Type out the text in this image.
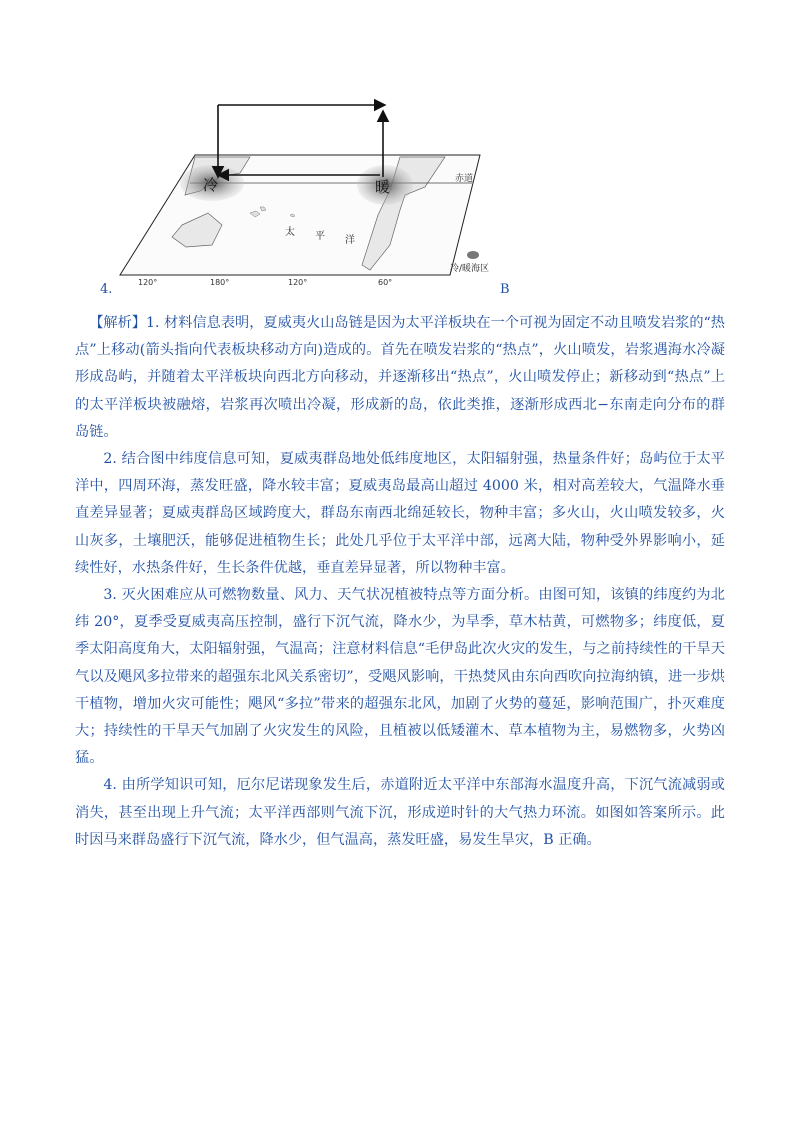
冷	暖	赤道
太 平 洋
120°	180°	120°	60°
冷/暖海区
4.	B

【解析】1. 材料信息表明，夏威夷火山岛链是因为太平洋板块在一个可视为固定不动且喷发岩浆的“热点”上移动(箭头指向代表板块移动方向)造成的。首先在喷发岩浆的“热点”，火山喷发，岩浆遇海水冷凝形成岛屿，并随着太平洋板块向西北方向移动，并逐渐移出“热点”，火山喷发停止；新移动到“热点”上的太平洋板块被融熔，岩浆再次喷出冷凝，形成新的岛，依此类推，逐渐形成西北−东南走向分布的群岛链。

2. 结合图中纬度信息可知，夏威夷群岛地处低纬度地区，太阳辐射强，热量条件好；岛屿位于太平洋中，四周环海，蒸发旺盛，降水较丰富；夏威夷岛最高山超过 4000 米，相对高差较大，气温降水垂直差异显著；夏威夷群岛区域跨度大，群岛东南西北绵延较长，物种丰富；多火山，火山喷发较多，火山灰多，土壤肥沃，能够促进植物生长；此处几乎位于太平洋中部，远离大陆，物种受外界影响小，延续性好，水热条件好，生长条件优越，垂直差异显著，所以物种丰富。

3. 灭火困难应从可燃物数量、风力、天气状况植被特点等方面分析。由图可知，该镇的纬度约为北纬 20°，夏季受夏威夷高压控制，盛行下沉气流，降水少，为旱季，草木枯黄，可燃物多；纬度低，夏季太阳高度角大，太阳辐射强，气温高；注意材料信息“毛伊岛此次火灾的发生，与之前持续性的干旱天气以及飓风多拉带来的超强东北风关系密切”，受飓风影响，干热焚风由东向西吹向拉海纳镇，进一步烘干植物，增加火灾可能性；飓风“多拉”带来的超强东北风，加剧了火势的蔓延，影响范围广，扑灭难度大；持续性的干旱天气加剧了火灾发生的风险，且植被以低矮灌木、草本植物为主，易燃物多，火势凶猛。

4. 由所学知识可知，厄尔尼诺现象发生后，赤道附近太平洋中东部海水温度升高，下沉气流减弱或消失，甚至出现上升气流；太平洋西部则气流下沉，形成逆时针的大气热力环流。如图如答案所示。此时因马来群岛盛行下沉气流，降水少，但气温高，蒸发旺盛，易发生旱灾，B 正确。
